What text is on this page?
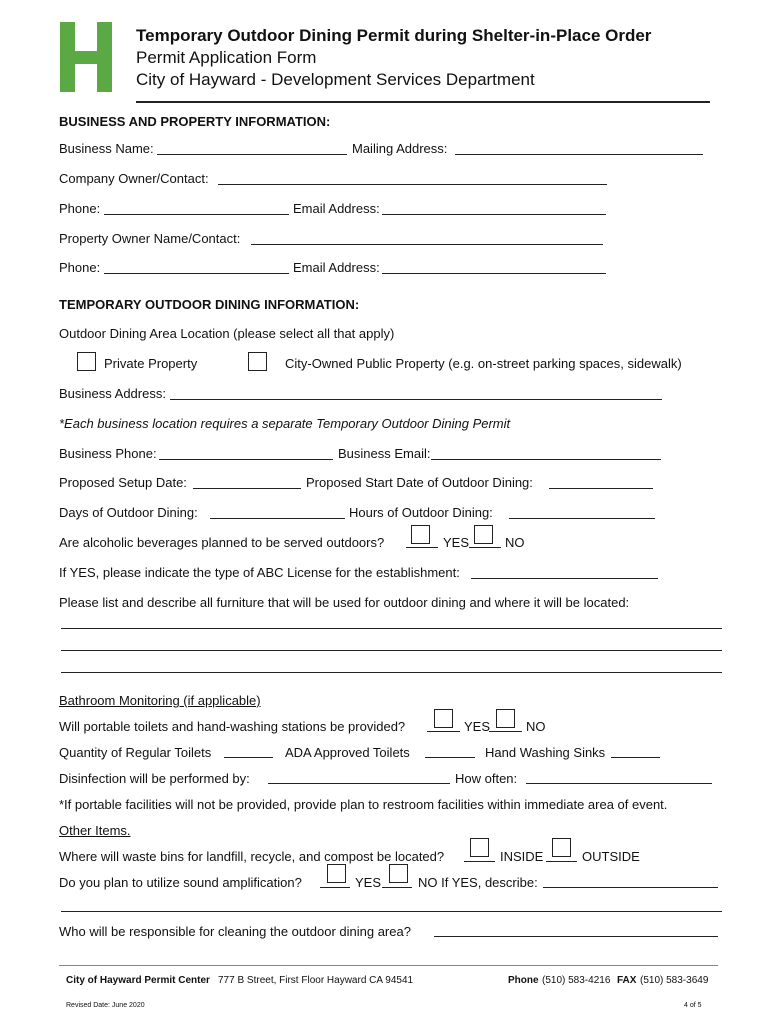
Temporary Outdoor Dining Permit during Shelter-in-Place Order
Permit Application Form
City of Hayward - Development Services Department
BUSINESS AND PROPERTY INFORMATION:
Business Name:	Mailing Address:
Company Owner/Contact:
Phone:	Email Address:
Property Owner Name/Contact:
Phone:	Email Address:
TEMPORARY OUTDOOR DINING INFORMATION:
Outdoor Dining Area Location (please select all that apply)
Private Property	City-Owned Public Property (e.g. on-street parking spaces, sidewalk)
Business Address:
*Each business location requires a separate Temporary Outdoor Dining Permit
Business Phone:	Business Email:
Proposed Setup Date:	Proposed Start Date of Outdoor Dining:
Days of Outdoor Dining:	Hours of Outdoor Dining:
Are alcoholic beverages planned to be served outdoors?	YES	NO
If YES, please indicate the type of ABC License for the establishment:
Please list and describe all furniture that will be used for outdoor dining and where it will be located:
Bathroom Monitoring (if applicable)
Will portable toilets and hand-washing stations be provided?	YES	NO
Quantity of Regular Toilets	ADA Approved Toilets	Hand Washing Sinks
Disinfection will be performed by:	How often:
*If portable facilities will not be provided, provide plan to restroom facilities within immediate area of event.
Other Items.
Where will waste bins for landfill, recycle, and compost be located?	INSIDE	OUTSIDE
Do you plan to utilize sound amplification?	YES	NO If YES, describe:
Who will be responsible for cleaning the outdoor dining area?
City of Hayward Permit Center 777 B Street, First Floor Hayward CA 94541	Phone (510) 583-4216 FAX (510) 583-3649
Revised Date: June 2020	4 of 5
